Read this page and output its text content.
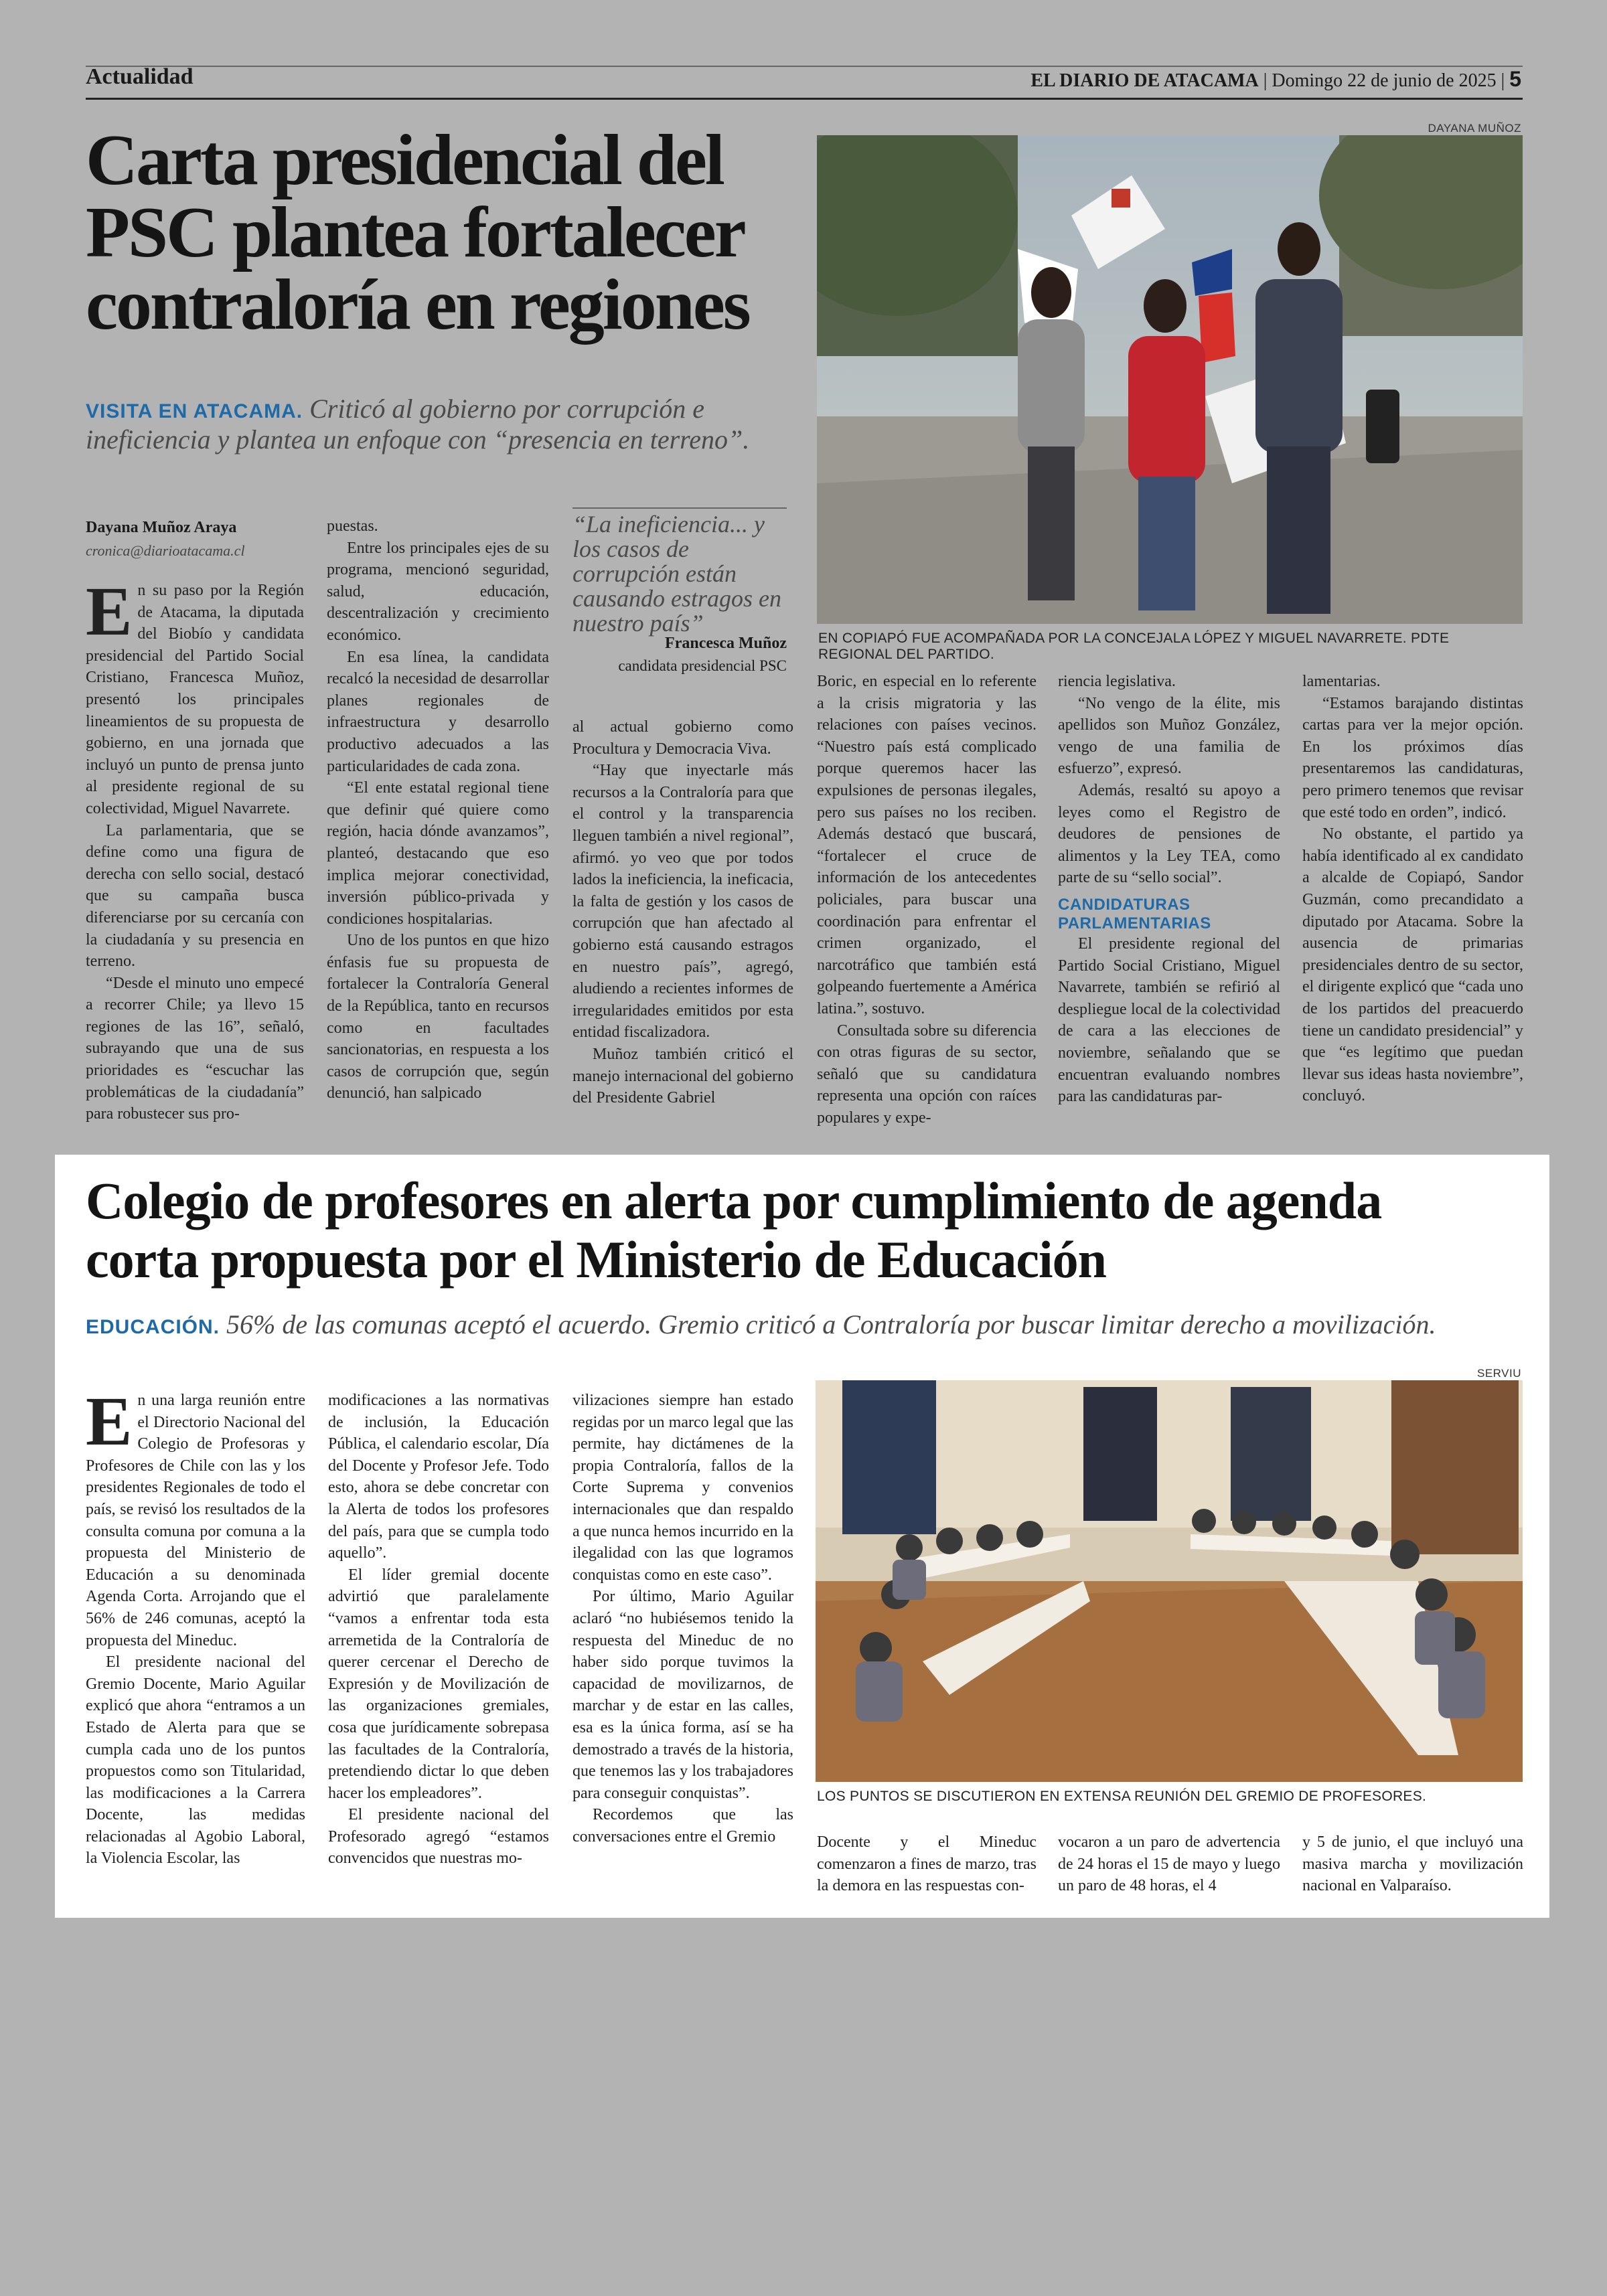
Actualidad	EL DIARIO DE ATACAMA | Domingo 22 de junio de 2025 | 5
Carta presidencial del
PSC plantea fortalecer
contraloría en regiones
VISITA EN ATACAMA. Criticó al gobierno por corrupción e ineficiencia y plantea un enfoque con “presencia en terreno”.
Dayana Muñoz Araya
cronica@diarioatacama.cl
“La ineficiencia... y los casos de corrupción están causando estragos en nuestro país”
Francesca Muñoz
candidata presidencial PSC
DAYANA MUÑOZ
EN COPIAPÓ FUE ACOMPAÑADA POR LA CONCEJALA LÓPEZ Y MIGUEL NAVARRETE. PDTE REGIONAL DEL PARTIDO.

En su paso por la Región de Atacama, la diputada del Biobío y candidata presidencial del Partido Social Cristiano, Francesca Muñoz, presentó los principales lineamientos de su propuesta de gobierno, en una jornada que incluyó un punto de prensa junto al presidente regional de su colectividad, Miguel Navarrete.

La parlamentaria, que se define como una figura de derecha con sello social, destacó que su campaña busca diferenciarse por su cercanía con la ciudadanía y su presencia en terreno.

“Desde el minuto uno empecé a recorrer Chile; ya llevo 15 regiones de las 16”, señaló, subrayando que una de sus prioridades es “escuchar las problemáticas de la ciudadanía” para robustecer sus pro-

puestas.

Entre los principales ejes de su programa, mencionó seguridad, salud, educación, descentralización y crecimiento económico.

En esa línea, la candidata recalcó la necesidad de desarrollar planes regionales de infraestructura y desarrollo productivo adecuados a las particularidades de cada zona.

“El ente estatal regional tiene que definir qué quiere como región, hacia dónde avanzamos”, planteó, destacando que eso implica mejorar conectividad, inversión público-privada y condiciones hospitalarias.

Uno de los puntos en que hizo énfasis fue su propuesta de fortalecer la Contraloría General de la República, tanto en recursos como en facultades sancionatorias, en respuesta a los casos de corrupción que, según denunció, han salpicado

al actual gobierno como Procultura y Democracia Viva.

“Hay que inyectarle más recursos a la Contraloría para que el control y la transparencia lleguen también a nivel regional”, afirmó. yo veo que por todos lados la ineficiencia, la ineficacia, la falta de gestión y los casos de corrupción que han afectado al gobierno está causando estragos en nuestro país”, agregó, aludiendo a recientes informes de irregularidades emitidos por esta entidad fiscalizadora.

Muñoz también criticó el manejo internacional del gobierno del Presidente Gabriel

Boric, en especial en lo referente a la crisis migratoria y las relaciones con países vecinos. “Nuestro país está complicado porque queremos hacer las expulsiones de personas ilegales, pero sus países no los reciben. Además destacó que buscará, “fortalecer el cruce de información de los antecedentes policiales, para buscar una coordinación para enfrentar el crimen organizado, el narcotráfico que también está golpeando fuertemente a América latina.”, sostuvo.

Consultada sobre su diferencia con otras figuras de su sector, señaló que su candidatura representa una opción con raíces populares y expe-

riencia legislativa.

“No vengo de la élite, mis apellidos son Muñoz González, vengo de una familia de esfuerzo”, expresó.

Además, resaltó su apoyo a leyes como el Registro de deudores de pensiones de alimentos y la Ley TEA, como parte de su “sello social”.

CANDIDATURAS PARLAMENTARIAS

El presidente regional del Partido Social Cristiano, Miguel Navarrete, también se refirió al despliegue local de la colectividad de cara a las elecciones de noviembre, señalando que se encuentran evaluando nombres para las candidaturas par-

lamentarias.

“Estamos barajando distintas cartas para ver la mejor opción. En los próximos días presentaremos las candidaturas, pero primero tenemos que revisar que esté todo en orden”, indicó.

No obstante, el partido ya había identificado al ex candidato a alcalde de Copiapó, Sandor Guzmán, como precandidato a diputado por Atacama. Sobre la ausencia de primarias presidenciales dentro de su sector, el dirigente explicó que “cada uno de los partidos del preacuerdo tiene un candidato presidencial” y que “es legítimo que puedan llevar sus ideas hasta noviembre”, concluyó.

Colegio de profesores en alerta por cumplimiento de agenda
corta propuesta por el Ministerio de Educación
EDUCACIÓN. 56% de las comunas aceptó el acuerdo. Gremio criticó a Contraloría por buscar limitar derecho a movilización.
SERVIU
LOS PUNTOS SE DISCUTIERON EN EXTENSA REUNIÓN DEL GREMIO DE PROFESORES.

En una larga reunión entre el Directorio Nacional del Colegio de Profesoras y Profesores de Chile con las y los presidentes Regionales de todo el país, se revisó los resultados de la consulta comuna por comuna a la propuesta del Ministerio de Educación a su denominada Agenda Corta. Arrojando que el 56% de 246 comunas, aceptó la propuesta del Mineduc.

El presidente nacional del Gremio Docente, Mario Aguilar explicó que ahora “entramos a un Estado de Alerta para que se cumpla cada uno de los puntos propuestos como son Titularidad, las modificaciones a la Carrera Docente, las medidas relacionadas al Agobio Laboral, la Violencia Escolar, las

modificaciones a las normativas de inclusión, la Educación Pública, el calendario escolar, Día del Docente y Profesor Jefe. Todo esto, ahora se debe concretar con la Alerta de todos los profesores del país, para que se cumpla todo aquello”.

El líder gremial docente advirtió que paralelamente “vamos a enfrentar toda esta arremetida de la Contraloría de querer cercenar el Derecho de Expresión y de Movilización de las organizaciones gremiales, cosa que jurídicamente sobrepasa las facultades de la Contraloría, pretendiendo dictar lo que deben hacer los empleadores”.

El presidente nacional del Profesorado agregó “estamos convencidos que nuestras mo-

vilizaciones siempre han estado regidas por un marco legal que las permite, hay dictámenes de la propia Contraloría, fallos de la Corte Suprema y convenios internacionales que dan respaldo a que nunca hemos incurrido en la ilegalidad con las que logramos conquistas como en este caso”.

Por último, Mario Aguilar aclaró “no hubiésemos tenido la respuesta del Mineduc de no haber sido porque tuvimos la capacidad de movilizarnos, de marchar y de estar en las calles, esa es la única forma, así se ha demostrado a través de la historia, que tenemos las y los trabajadores para conseguir conquistas”.

Recordemos que las conversaciones entre el Gremio	Docente y el Mineduc comenzaron a fines de marzo, tras la demora en las respuestas con-

vocaron a un paro de advertencia de 24 horas el 15 de mayo y luego un paro de 48 horas, el 4

y 5 de junio, el que incluyó una masiva marcha y movilización nacional en Valparaíso.
